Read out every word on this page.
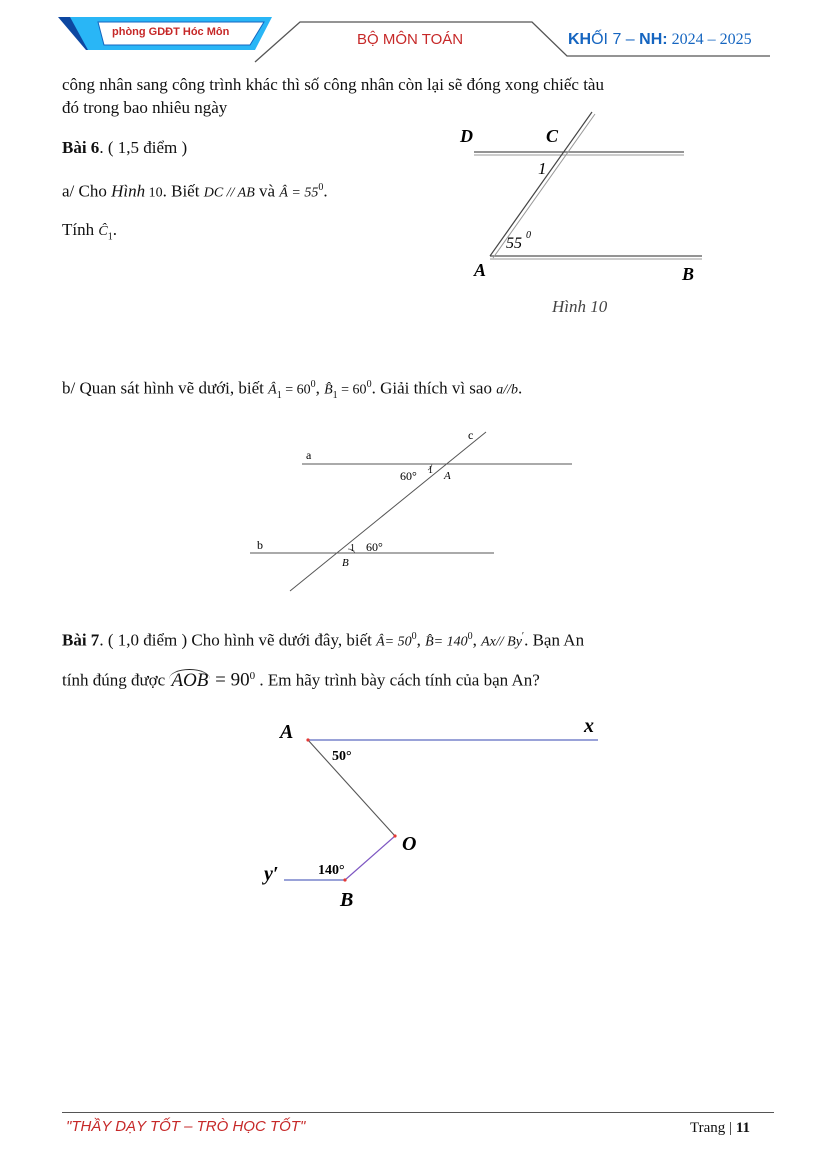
phòng GDĐT Hóc Môn	BỘ MÔN TOÁN	KHỐI 7 – NH: 2024 – 2025
công nhân sang công trình khác thì số công nhân còn lại sẽ đóng xong chiếc tàu
đó trong bao nhiêu ngày
Bài 6. ( 1,5 điểm )
a/ Cho Hình 10. Biết DC // AB và Â = $55^0$.
Tính $Ĉ_1$.
D	C
1
55 0
A	B
Hình 10
b/ Quan sát hình vẽ dưới, biết $Â_1 = 60^0$, $B̂_1 = 60^0$. Giải thích vì sao a//b.
a
b
c
60° 1 A
1 60°
B
Bài 7. ( 1,0 điểm ) Cho hình vẽ dưới đây, biết Â= $50^0$, B̂= $140^0$, Ax// By′. Bạn An
tính đúng được AOB = $90^0$ . Em hãy trình bày cách tính của bạn An?
A	x
50°
O
y′	140°
B
"THẦY DẠY TỐT – TRÒ HỌC TỐT"	Trang | 11
